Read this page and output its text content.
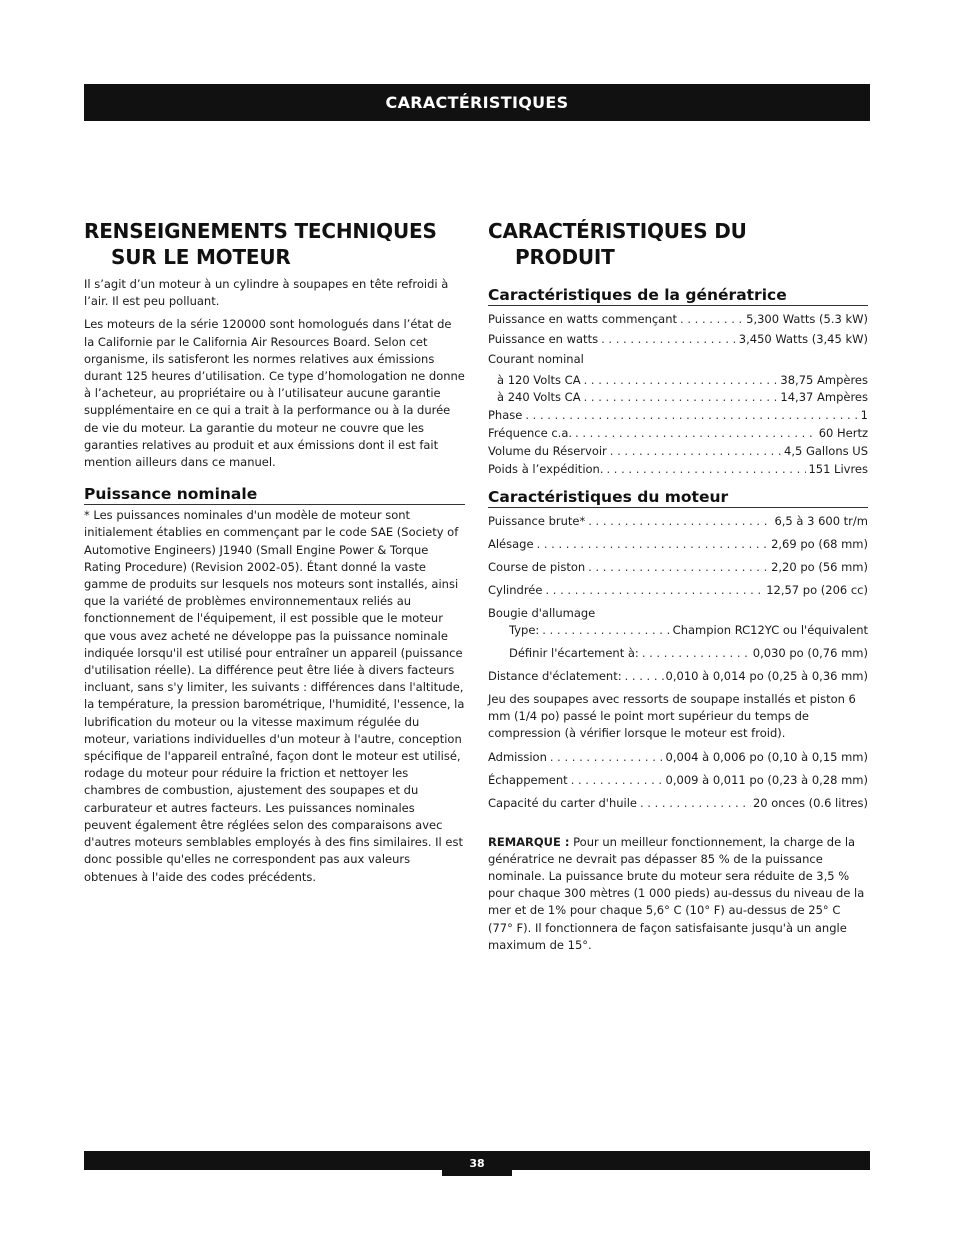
CARACTÉRISTIQUES
RENSEIGNEMENTS TECHNIQUES
SUR LE MOTEUR

Il s’agit d’un moteur à un cylindre à soupapes en tête refroidi à l’air. Il est peu polluant.

Les moteurs de la série 120000 sont homologués dans l’état de la Californie par le California Air Resources Board. Selon cet organisme, ils satisferont les normes relatives aux émissions durant 125 heures d’utilisation. Ce type d’homologation ne donne à l’acheteur, au propriétaire ou à l’utilisateur aucune garantie supplémentaire en ce qui a trait à la performance ou à la durée de vie du moteur. La garantie du moteur ne couvre que les garanties relatives au produit et aux émissions dont il est fait mention ailleurs dans ce manuel.

Puissance nominale

* Les puissances nominales d'un modèle de moteur sont initialement établies en commençant par le code SAE (Society of Automotive Engineers) J1940 (Small Engine Power & Torque Rating Procedure) (Revision 2002-05). Étant donné la vaste gamme de produits sur lesquels nos moteurs sont installés, ainsi que la variété de problèmes environnementaux reliés au fonctionnement de l'équipement, il est possible que le moteur que vous avez acheté ne développe pas la puissance nominale indiquée lorsqu'il est utilisé pour entraîner un appareil (puissance d'utilisation réelle). La différence peut être liée à divers facteurs incluant, sans s'y limiter, les suivants : différences dans l'altitude, la température, la pression barométrique, l'humidité, l'essence, la lubrification du moteur ou la vitesse maximum régulée du moteur, variations individuelles d'un moteur à l'autre, conception spécifique de l'appareil entraîné, façon dont le moteur est utilisé, rodage du moteur pour réduire la friction et nettoyer les chambres de combustion, ajustement des soupapes et du carburateur et autres facteurs. Les puissances nominales peuvent également être réglées selon des comparaisons avec d'autres moteurs semblables employés à des fins similaires. Il est donc possible qu'elles ne correspondent pas aux valeurs obtenues à l'aide des codes précédents.

CARACTÉRISTIQUES DU
PRODUIT
Caractéristiques de la génératrice
Puissance en watts commençant . . .	5,300 Watts (5.3 kW)
Puissance en watts . . .	3,450 Watts (3,45 kW)
Courant nominal
à 120 Volts CA . . .	38,75 Ampères
à 240 Volts CA . . .	14,37 Ampères
Phase . . .	1
Fréquence c.a. . . .	60 Hertz
Volume du Réservoir . . .	4,5 Gallons US
Poids à l’expédition. . . .	151 Livres
Caractéristiques du moteur
Puissance brute* . . .	6,5 à 3 600 tr/m
Alésage . . .	2,69 po (68 mm)
Course de piston . . .	2,20 po (56 mm)
Cylindrée . . .	12,57 po (206 cc)
Bougie d'allumage
Type: . . .	Champion RC12YC ou l'équivalent
Définir l'écartement à: . . .	0,030 po (0,76 mm)
Distance d'éclatement: . . .	0,010 à 0,014 po (0,25 à 0,36 mm)

Jeu des soupapes avec ressorts de soupape installés et piston 6 mm (1/4 po) passé le point mort supérieur du temps de compression (à vérifier lorsque le moteur est froid).

Admission . . .	0,004 à 0,006 po (0,10 à 0,15 mm)
Échappement . . .	0,009 à 0,011 po (0,23 à 0,28 mm)
Capacité du carter d'huile . . .	20 onces (0.6 litres)

REMARQUE : Pour un meilleur fonctionnement, la charge de la génératrice ne devrait pas dépasser 85 % de la puissance nominale. La puissance brute du moteur sera réduite de 3,5 % pour chaque 300 mètres (1 000 pieds) au-dessus du niveau de la mer et de 1% pour chaque 5,6° C (10° F) au-dessus de 25° C (77° F). Il fonctionnera de façon satisfaisante jusqu'à un angle maximum de 15°.

38
